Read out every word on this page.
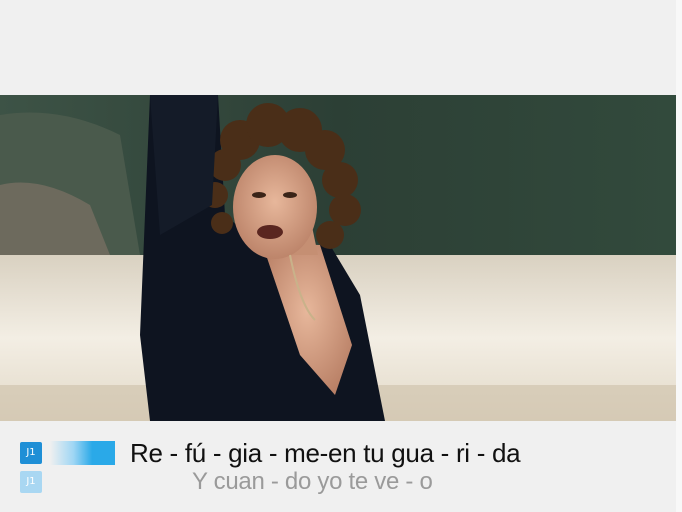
J1	Re - fú - gia - me-en tu gua - ri - da
J1	Y cuan - do yo te ve - o
